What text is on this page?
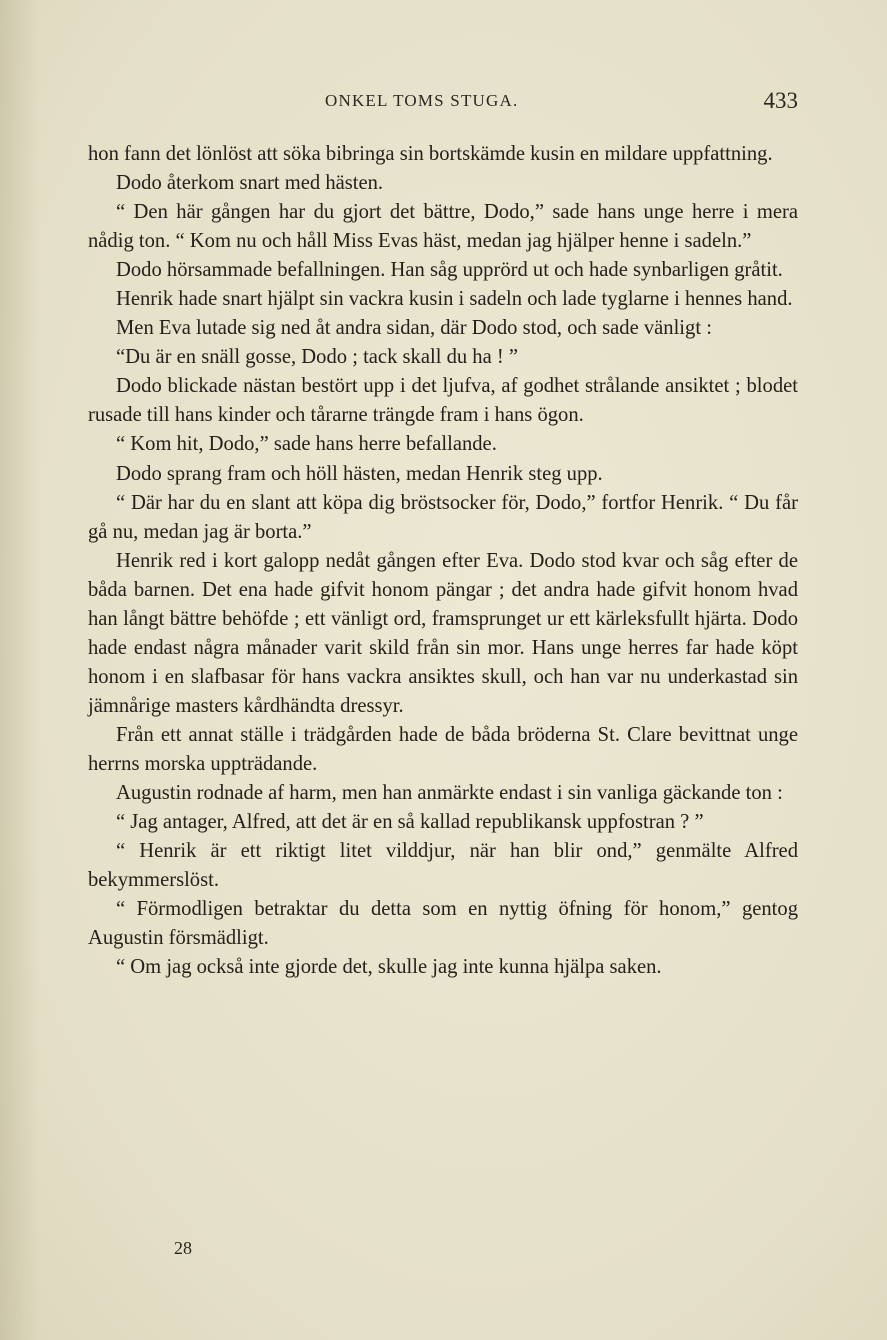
ONKEL TOMS STUGA.	433

hon fann det lönlöst att söka bibringa sin bortskämde kusin en mildare uppfattning.

Dodo återkom snart med hästen.

“ Den här gången har du gjort det bättre, Dodo,” sade hans unge herre i mera nådig ton. “ Kom nu och håll Miss Evas häst, medan jag hjälper henne i sadeln.”

Dodo hörsammade befallningen. Han såg upprörd ut och hade synbarligen gråtit.

Henrik hade snart hjälpt sin vackra kusin i sadeln och lade tyglarne i hennes hand.

Men Eva lutade sig ned åt andra sidan, där Dodo stod, och sade vänligt :

“Du är en snäll gosse, Dodo ; tack skall du ha ! ”

Dodo blickade nästan bestört upp i det ljufva, af godhet strålande ansiktet ; blodet rusade till hans kinder och tårarne trängde fram i hans ögon.

“ Kom hit, Dodo,” sade hans herre befallande.

Dodo sprang fram och höll hästen, medan Henrik steg upp.

“ Där har du en slant att köpa dig bröstsocker för, Dodo,” fortfor Henrik. “ Du får gå nu, medan jag är borta.”

Henrik red i kort galopp nedåt gången efter Eva. Dodo stod kvar och såg efter de båda barnen. Det ena hade gifvit honom pängar ; det andra hade gifvit honom hvad han långt bättre behöfde ; ett vänligt ord, framsprunget ur ett kärleksfullt hjärta. Dodo hade endast några månader varit skild från sin mor. Hans unge herres far hade köpt honom i en slafbasar för hans vackra ansiktes skull, och han var nu underkastad sin jämnårige masters kårdhändta dressyr.

Från ett annat ställe i trädgården hade de båda bröderna St. Clare bevittnat unge herrns morska uppträdande.

Augustin rodnade af harm, men han anmärkte endast i sin vanliga gäckande ton :

“ Jag antager, Alfred, att det är en så kallad republikansk uppfostran ? ”

“ Henrik är ett riktigt litet vilddjur, när han blir ond,” genmälte Alfred bekymmerslöst.

“ Förmodligen betraktar du detta som en nyttig öfning för honom,” gentog Augustin försmädligt.

“ Om jag också inte gjorde det, skulle jag inte kunna hjälpa saken.

28
